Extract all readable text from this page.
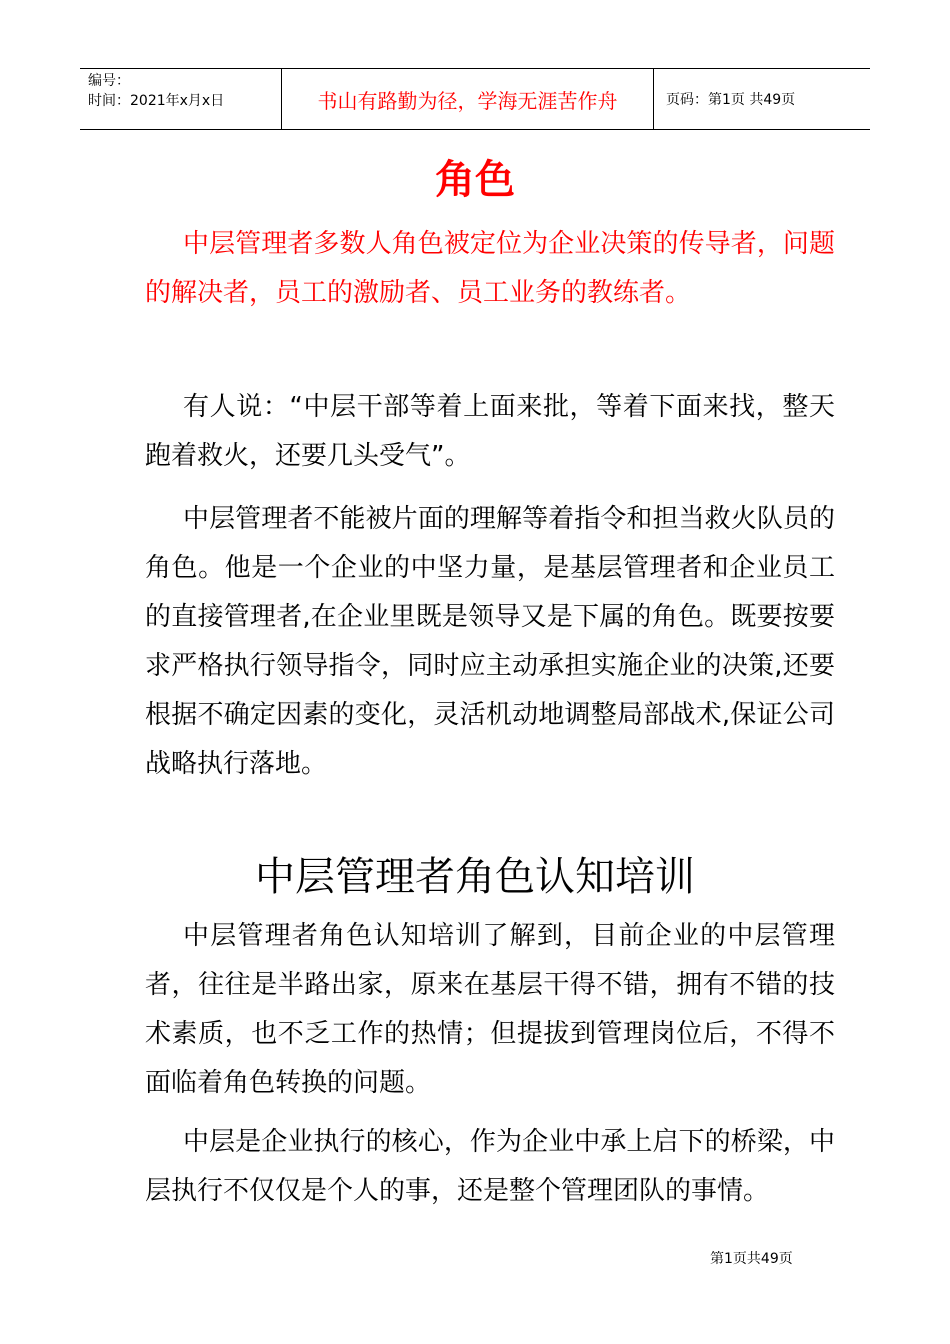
编号：
时间：2021年x月x日	书山有路勤为径，学海无涯苦作舟	页码：第1页 共49页
角色

中层管理者多数人角色被定位为企业决策的传导者，问题的解决者，员工的激励者、员工业务的教练者。

有人说：“中层干部等着上面来批，等着下面来找，整天跑着救火，还要几头受气”。

中层管理者不能被片面的理解等着指令和担当救火队员的角色。他是一个企业的中坚力量，是基层管理者和企业员工的直接管理者,在企业里既是领导又是下属的角色。既要按要求严格执行领导指令，同时应主动承担实施企业的决策,还要根据不确定因素的变化，灵活机动地调整局部战术,保证公司战略执行落地。

中层管理者角色认知培训

中层管理者角色认知培训了解到，目前企业的中层管理者，往往是半路出家，原来在基层干得不错，拥有不错的技术素质，也不乏工作的热情；但提拔到管理岗位后，不得不面临着角色转换的问题。

中层是企业执行的核心，作为企业中承上启下的桥梁，中层执行不仅仅是个人的事，还是整个管理团队的事情。

第1页共49页
